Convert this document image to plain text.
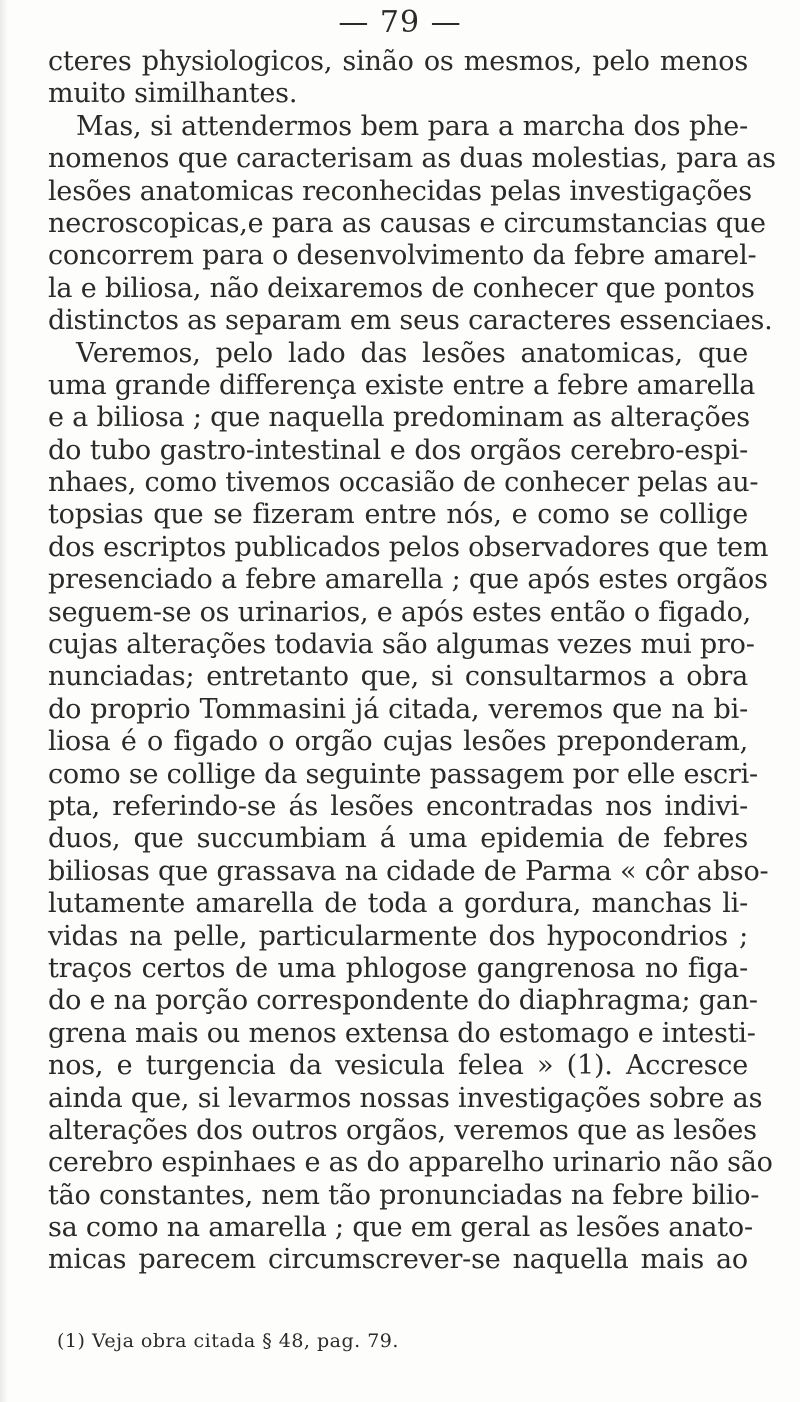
— 79 —
cteres physiologicos, sinão os mesmos, pelo menos
muito similhantes.
Mas, si attendermos bem para a marcha dos phe-
nomenos que caracterisam as duas molestias, para as
lesões anatomicas reconhecidas pelas investigações
necroscopicas,e para as causas e circumstancias que
concorrem para o desenvolvimento da febre amarel-
la e biliosa, não deixaremos de conhecer que pontos
distinctos as separam em seus caracteres essenciaes.
Veremos, pelo lado das lesões anatomicas, que
uma grande differença existe entre a febre amarella
e a biliosa ; que naquella predominam as alterações
do tubo gastro-intestinal e dos orgãos cerebro-espi-
nhaes, como tivemos occasião de conhecer pelas au-
topsias que se fizeram entre nós, e como se collige
dos escriptos publicados pelos observadores que tem
presenciado a febre amarella ; que após estes orgãos
seguem-se os urinarios, e após estes então o figado,
cujas alterações todavia são algumas vezes mui pro-
nunciadas; entretanto que, si consultarmos a obra
do proprio Tommasini já citada, veremos que na bi-
liosa é o figado o orgão cujas lesões preponderam,
como se collige da seguinte passagem por elle escri-
pta, referindo-se ás lesões encontradas nos indivi-
duos, que succumbiam á uma epidemia de febres
biliosas que grassava na cidade de Parma « côr abso-
lutamente amarella de toda a gordura, manchas li-
vidas na pelle, particularmente dos hypocondrios ;
traços certos de uma phlogose gangrenosa no figa-
do e na porção correspondente do diaphragma; gan-
grena mais ou menos extensa do estomago e intesti-
nos, e turgencia da vesicula felea » (1). Accresce
ainda que, si levarmos nossas investigações sobre as
alterações dos outros orgãos, veremos que as lesões
cerebro espinhaes e as do apparelho urinario não são
tão constantes, nem tão pronunciadas na febre bilio-
sa como na amarella ; que em geral as lesões anato-
micas parecem circumscrever-se naquella mais ao
(1) Veja obra citada § 48, pag. 79.
